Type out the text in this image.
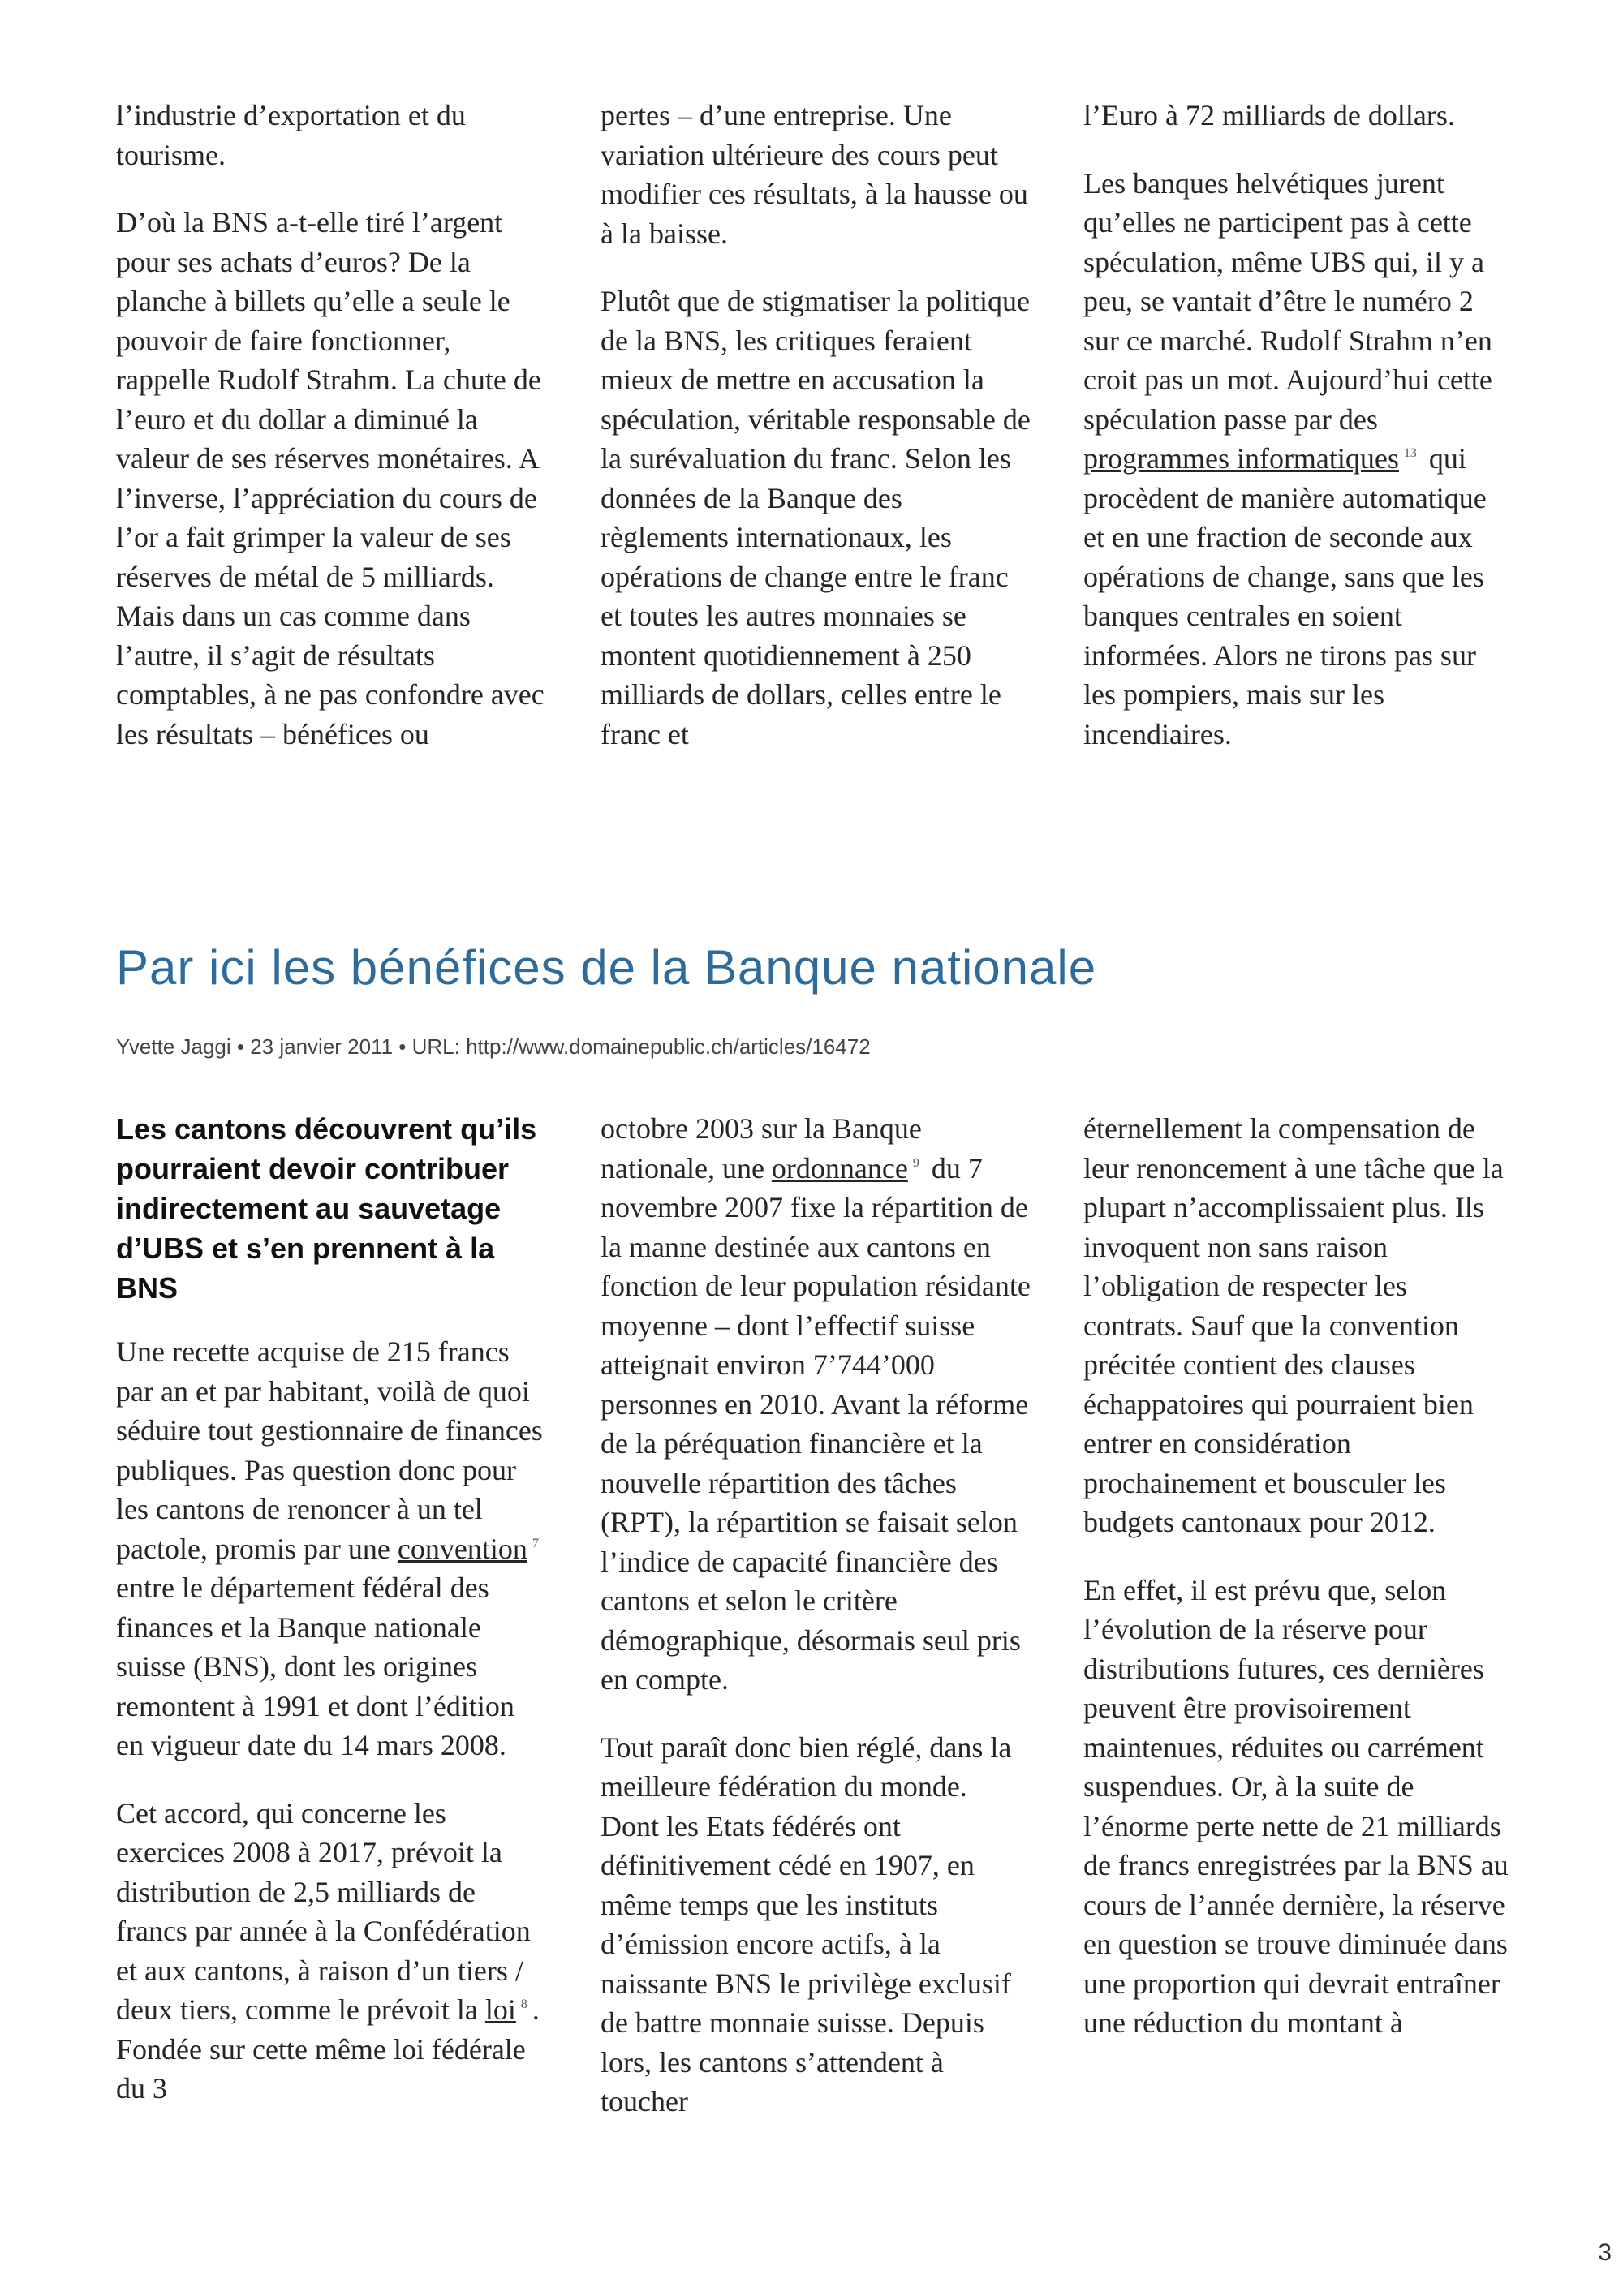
l’industrie d’exportation et du tourisme.

D’où la BNS a-t-elle tiré l’argent pour ses achats d’euros? De la planche à billets qu’elle a seule le pouvoir de faire fonctionner, rappelle Rudolf Strahm. La chute de l’euro et du dollar a diminué la valeur de ses réserves monétaires. A l’inverse, l’appréciation du cours de l’or a fait grimper la valeur de ses réserves de métal de 5 milliards. Mais dans un cas comme dans l’autre, il s’agit de résultats comptables, à ne pas confondre avec les résultats – bénéfices ou

pertes – d’une entreprise. Une variation ultérieure des cours peut modifier ces résultats, à la hausse ou à la baisse.

Plutôt que de stigmatiser la politique de la BNS, les critiques feraient mieux de mettre en accusation la spéculation, véritable responsable de la surévaluation du franc. Selon les données de la Banque des règlements internationaux, les opérations de change entre le franc et toutes les autres monnaies se montent quotidiennement à 250 milliards de dollars, celles entre le franc et

l’Euro à 72 milliards de dollars.

Les banques helvétiques jurent qu’elles ne participent pas à cette spéculation, même UBS qui, il y a peu, se vantait d’être le numéro 2 sur ce marché. Rudolf Strahm n’en croit pas un mot. Aujourd’hui cette spéculation passe par des programmes informatiques $^{13}$ qui procèdent de manière automatique et en une fraction de seconde aux opérations de change, sans que les banques centrales en soient informées. Alors ne tirons pas sur les pompiers, mais sur les incendiaires.

Par ici les bénéfices de la Banque nationale
Yvette Jaggi • 23 janvier 2011 • URL: http://www.domainepublic.ch/articles/16472

Les cantons découvrent qu’ils pourraient devoir contribuer indirectement au sauvetage d’UBS et s’en prennent à la BNS

Une recette acquise de 215 francs par an et par habitant, voilà de quoi séduire tout gestionnaire de finances publiques. Pas question donc pour les cantons de renoncer à un tel pactole, promis par une convention $^7$ entre le département fédéral des finances et la Banque nationale suisse (BNS), dont les origines remontent à 1991 et dont l’édition en vigueur date du 14 mars 2008.

Cet accord, qui concerne les exercices 2008 à 2017, prévoit la distribution de 2,5 milliards de francs par année à la Confédération et aux cantons, à raison d’un tiers / deux tiers, comme le prévoit la loi $^8$ . Fondée sur cette même loi fédérale du 3

octobre 2003 sur la Banque nationale, une ordonnance $^9$ du 7 novembre 2007 fixe la répartition de la manne destinée aux cantons en fonction de leur population résidante moyenne – dont l’effectif suisse atteignait environ 7’744’000 personnes en 2010. Avant la réforme de la péréquation financière et la nouvelle répartition des tâches (RPT), la répartition se faisait selon l’indice de capacité financière des cantons et selon le critère démographique, désormais seul pris en compte.

Tout paraît donc bien réglé, dans la meilleure fédération du monde. Dont les Etats fédérés ont définitivement cédé en 1907, en même temps que les instituts d’émission encore actifs, à la naissante BNS le privilège exclusif de battre monnaie suisse. Depuis lors, les cantons s’attendent à toucher

éternellement la compensation de leur renoncement à une tâche que la plupart n’accomplissaient plus. Ils invoquent non sans raison l’obligation de respecter les contrats. Sauf que la convention précitée contient des clauses échappatoires qui pourraient bien entrer en considération prochainement et bousculer les budgets cantonaux pour 2012.

En effet, il est prévu que, selon l’évolution de la réserve pour distributions futures, ces dernières peuvent être provisoirement maintenues, réduites ou carrément suspendues. Or, à la suite de l’énorme perte nette de 21 milliards de francs enregistrées par la BNS au cours de l’année dernière, la réserve en question se trouve diminuée dans une proportion qui devrait entraîner une réduction du montant à

3
